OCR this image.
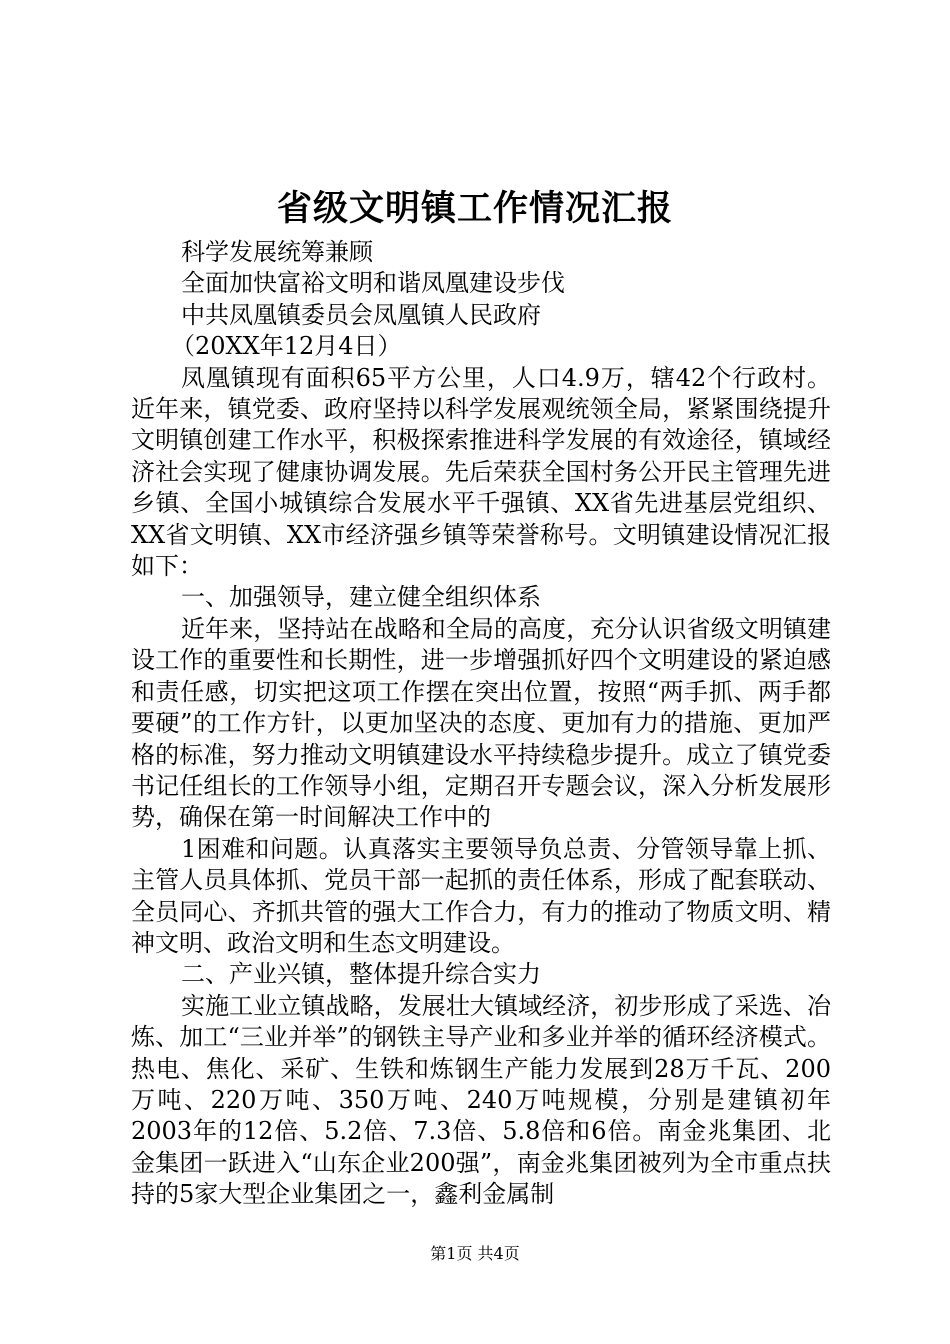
省级文明镇工作情况汇报

科学发展统筹兼顾

全面加快富裕文明和谐凤凰建设步伐

中共凤凰镇委员会凤凰镇人民政府

（20XX年12月4日）

凤凰镇现有面积65平方公里，人口4.9万，辖42个行政村。近年来，镇党委、政府坚持以科学发展观统领全局，紧紧围绕提升文明镇创建工作水平，积极探索推进科学发展的有效途径，镇域经济社会实现了健康协调发展。先后荣获全国村务公开民主管理先进乡镇、全国小城镇综合发展水平千强镇、XX省先进基层党组织、XX省文明镇、XX市经济强乡镇等荣誉称号。文明镇建设情况汇报如下：

一、加强领导，建立健全组织体系

近年来，坚持站在战略和全局的高度，充分认识省级文明镇建设工作的重要性和长期性，进一步增强抓好四个文明建设的紧迫感和责任感，切实把这项工作摆在突出位置，按照“两手抓、两手都要硬”的工作方针，以更加坚决的态度、更加有力的措施、更加严格的标准，努力推动文明镇建设水平持续稳步提升。成立了镇党委书记任组长的工作领导小组，定期召开专题会议，深入分析发展形势，确保在第一时间解决工作中的

1困难和问题。认真落实主要领导负总责、分管领导靠上抓、主管人员具体抓、党员干部一起抓的责任体系，形成了配套联动、全员同心、齐抓共管的强大工作合力，有力的推动了物质文明、精神文明、政治文明和生态文明建设。

二、产业兴镇，整体提升综合实力

实施工业立镇战略，发展壮大镇域经济，初步形成了采选、冶炼、加工“三业并举”的钢铁主导产业和多业并举的循环经济模式。热电、焦化、采矿、生铁和炼钢生产能力发展到28万千瓦、200万吨、220万吨、350万吨、240万吨规模，分别是建镇初年2003年的12倍、5.2倍、7.3倍、5.8倍和6倍。南金兆集团、北金集团一跃进入“山东企业200强”，南金兆集团被列为全市重点扶持的5家大型企业集团之一，鑫利金属制

第1页 共4页
